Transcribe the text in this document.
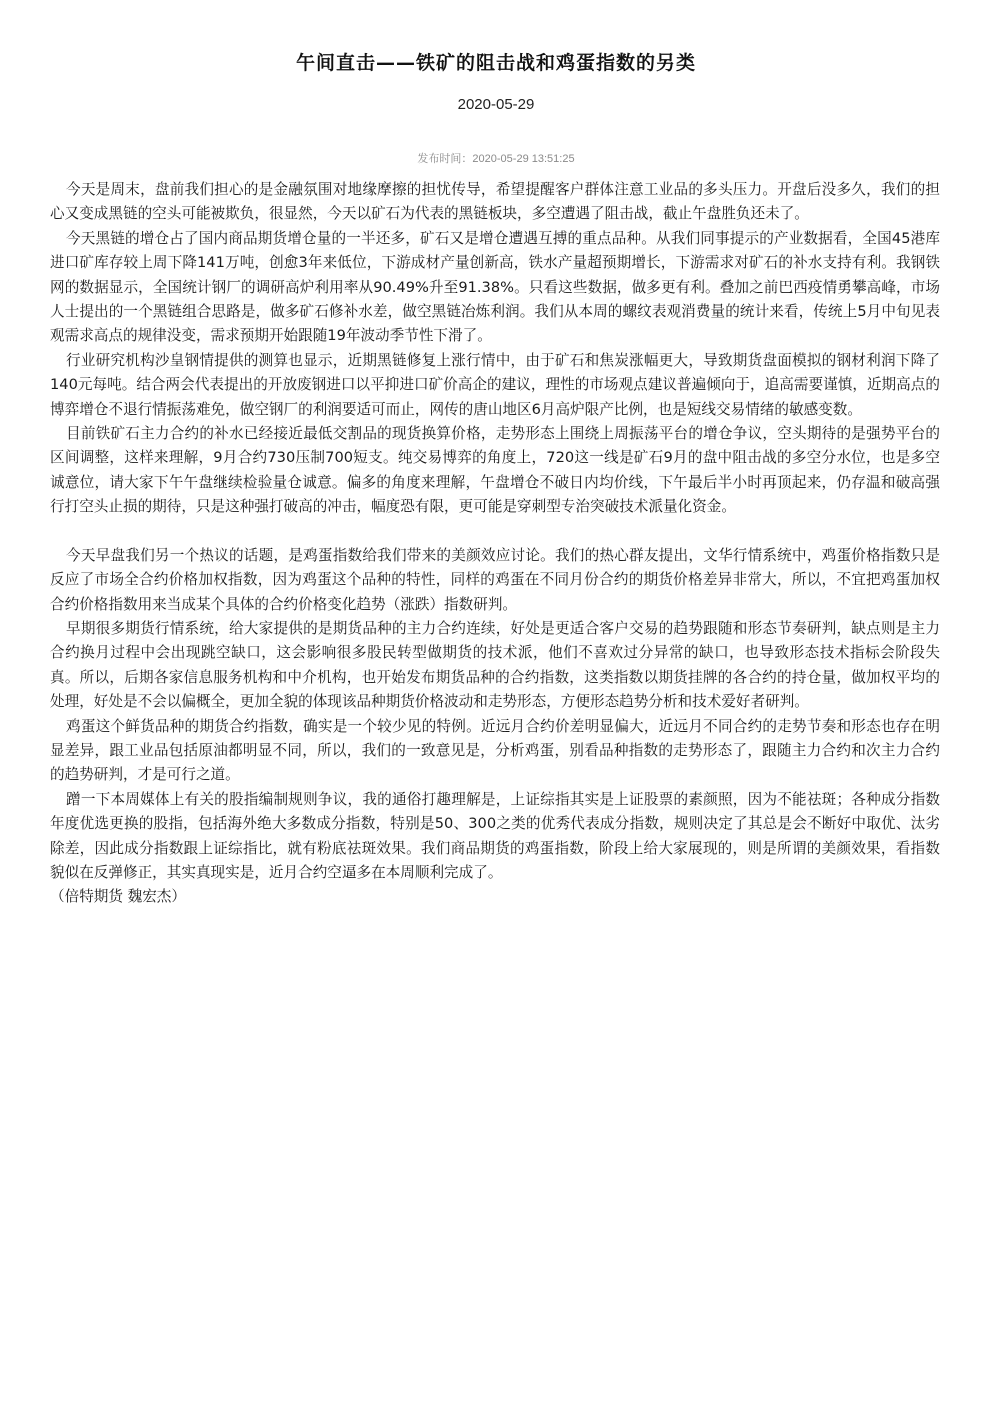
午间直击——铁矿的阻击战和鸡蛋指数的另类
2020-05-29
发布时间：2020-05-29 13:51:25

今天是周末，盘前我们担心的是金融氛围对地缘摩擦的担忧传导，希望提醒客户群体注意工业品的多头压力。开盘后没多久，我们的担心又变成黑链的空头可能被欺负，很显然，今天以矿石为代表的黑链板块，多空遭遇了阻击战，截止午盘胜负还未了。

今天黑链的增仓占了国内商品期货增仓量的一半还多，矿石又是增仓遭遇互搏的重点品种。从我们同事提示的产业数据看，全国45港库进口矿库存较上周下降141万吨，创愈3年来低位，下游成材产量创新高，铁水产量超预期增长，下游需求对矿石的补水支持有利。我钢铁网的数据显示，全国统计钢厂的调研高炉利用率从90.49%升至91.38%。只看这些数据，做多更有利。叠加之前巴西疫情勇攀高峰，市场人士提出的一个黑链组合思路是，做多矿石修补水差，做空黑链冶炼利润。我们从本周的螺纹表观消费量的统计来看，传统上5月中旬见表观需求高点的规律没变，需求预期开始跟随19年波动季节性下滑了。

行业研究机构沙皇钢情提供的测算也显示，近期黑链修复上涨行情中，由于矿石和焦炭涨幅更大，导致期货盘面模拟的钢材利润下降了140元每吨。结合两会代表提出的开放废钢进口以平抑进口矿价高企的建议，理性的市场观点建议普遍倾向于，追高需要谨慎，近期高点的博弈增仓不退行情振荡难免，做空钢厂的利润要适可而止，网传的唐山地区6月高炉限产比例，也是短线交易情绪的敏感变数。

目前铁矿石主力合约的补水已经接近最低交割品的现货换算价格，走势形态上围绕上周振荡平台的增仓争议，空头期待的是强势平台的区间调整，这样来理解，9月合约730压制700短支。纯交易博弈的角度上，720这一线是矿石9月的盘中阻击战的多空分水位，也是多空诚意位，请大家下午午盘继续检验量仓诚意。偏多的角度来理解，午盘增仓不破日内均价线，下午最后半小时再顶起来，仍存温和破高强行打空头止损的期待，只是这种强打破高的冲击，幅度恐有限，更可能是穿刺型专治突破技术派量化资金。

今天早盘我们另一个热议的话题，是鸡蛋指数给我们带来的美颜效应讨论。我们的热心群友提出，文华行情系统中，鸡蛋价格指数只是反应了市场全合约价格加权指数，因为鸡蛋这个品种的特性，同样的鸡蛋在不同月份合约的期货价格差异非常大，所以，不宜把鸡蛋加权合约价格指数用来当成某个具体的合约价格变化趋势（涨跌）指数研判。

早期很多期货行情系统，给大家提供的是期货品种的主力合约连续，好处是更适合客户交易的趋势跟随和形态节奏研判，缺点则是主力合约换月过程中会出现跳空缺口，这会影响很多股民转型做期货的技术派，他们不喜欢过分异常的缺口，也导致形态技术指标会阶段失真。所以，后期各家信息服务机构和中介机构，也开始发布期货品种的合约指数，这类指数以期货挂牌的各合约的持仓量，做加权平均的处理，好处是不会以偏概全，更加全貌的体现该品种期货价格波动和走势形态，方便形态趋势分析和技术爱好者研判。

鸡蛋这个鲜货品种的期货合约指数，确实是一个较少见的特例。近远月合约价差明显偏大，近远月不同合约的走势节奏和形态也存在明显差异，跟工业品包括原油都明显不同，所以，我们的一致意见是，分析鸡蛋，别看品种指数的走势形态了，跟随主力合约和次主力合约的趋势研判，才是可行之道。

蹭一下本周媒体上有关的股指编制规则争议，我的通俗打趣理解是，上证综指其实是上证股票的素颜照，因为不能祛斑；各种成分指数年度优选更换的股指，包括海外绝大多数成分指数，特别是50、300之类的优秀代表成分指数，规则决定了其总是会不断好中取优、汰劣除差，因此成分指数跟上证综指比，就有粉底祛斑效果。我们商品期货的鸡蛋指数，阶段上给大家展现的，则是所谓的美颜效果，看指数貌似在反弹修正，其实真现实是，近月合约空逼多在本周顺利完成了。

（倍特期货 魏宏杰）
